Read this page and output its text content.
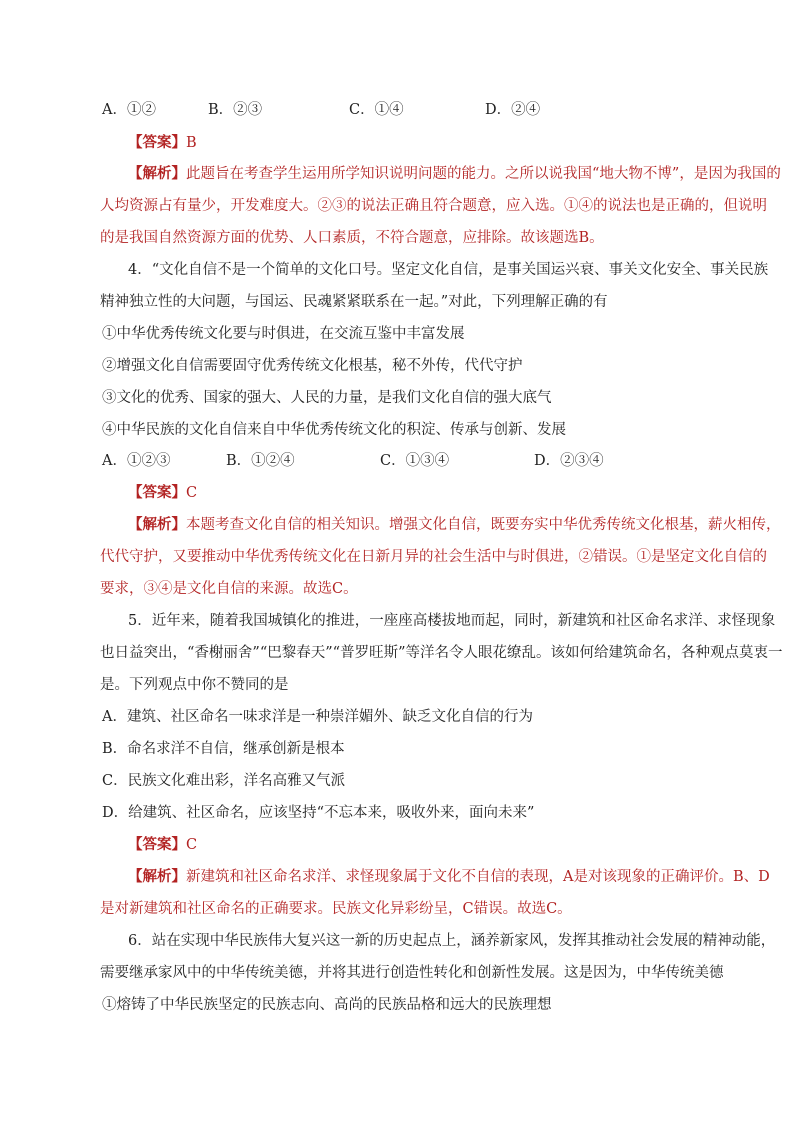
A．①②	B．②③	C．①④	D．②④
【答案】B
【解析】此题旨在考查学生运用所学知识说明问题的能力。之所以说我国“地大物不博”，是因为我国的
人均资源占有量少，开发难度大。②③的说法正确且符合题意，应入选。①④的说法也是正确的，但说明
的是我国自然资源方面的优势、人口素质，不符合题意，应排除。故该题选B。
4．“文化自信不是一个简单的文化口号。坚定文化自信，是事关国运兴衰、事关文化安全、事关民族
精神独立性的大问题，与国运、民魂紧紧联系在一起。”对此，下列理解正确的有
①中华优秀传统文化要与时俱进，在交流互鉴中丰富发展
②增强文化自信需要固守优秀传统文化根基，秘不外传，代代守护
③文化的优秀、国家的强大、人民的力量，是我们文化自信的强大底气
④中华民族的文化自信来自中华优秀传统文化的积淀、传承与创新、发展
A．①②③	B．①②④	C．①③④	D．②③④
【答案】C
【解析】本题考查文化自信的相关知识。增强文化自信，既要夯实中华优秀传统文化根基，薪火相传，
代代守护，又要推动中华优秀传统文化在日新月异的社会生活中与时俱进，②错误。①是坚定文化自信的
要求，③④是文化自信的来源。故选C。
5．近年来，随着我国城镇化的推进，一座座高楼拔地而起，同时，新建筑和社区命名求洋、求怪现象
也日益突出，“香榭丽舍”“巴黎春天”“普罗旺斯”等洋名令人眼花缭乱。该如何给建筑命名，各种观点莫衷一
是。下列观点中你不赞同的是
A．建筑、社区命名一味求洋是一种崇洋媚外、缺乏文化自信的行为
B．命名求洋不自信，继承创新是根本
C．民族文化难出彩，洋名高雅又气派
D．给建筑、社区命名，应该坚持“不忘本来，吸收外来，面向未来”
【答案】C
【解析】新建筑和社区命名求洋、求怪现象属于文化不自信的表现，A是对该现象的正确评价。B、D
是对新建筑和社区命名的正确要求。民族文化异彩纷呈，C错误。故选C。
6．站在实现中华民族伟大复兴这一新的历史起点上，涵养新家风，发挥其推动社会发展的精神动能，
需要继承家风中的中华传统美德，并将其进行创造性转化和创新性发展。这是因为，中华传统美德
①熔铸了中华民族坚定的民族志向、高尚的民族品格和远大的民族理想
